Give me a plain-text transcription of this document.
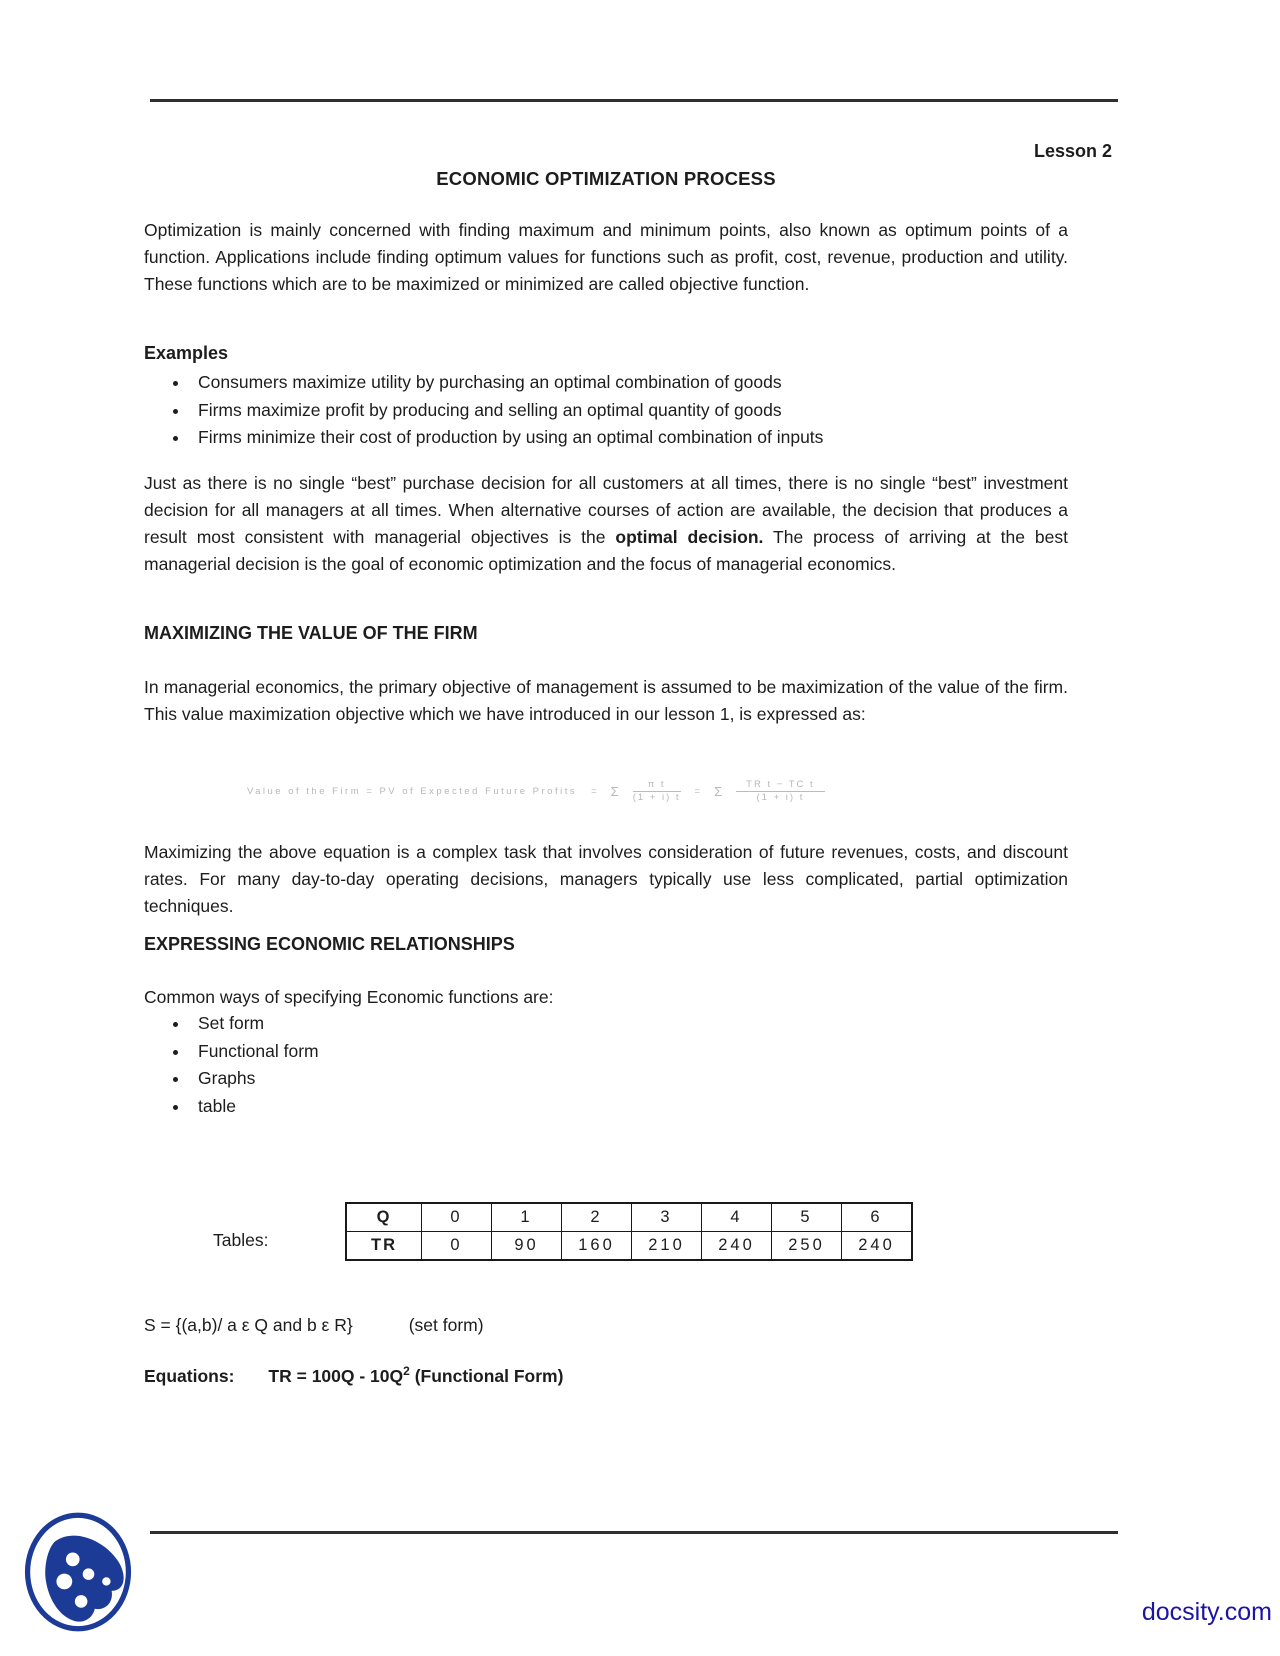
Lesson 2
ECONOMIC OPTIMIZATION PROCESS

Optimization is mainly concerned with finding maximum and minimum points, also known as optimum points of a function. Applications include finding optimum values for functions such as profit, cost, revenue, production and utility. These functions which are to be maximized or minimized are called objective function.

Examples
• Consumers maximize utility by purchasing an optimal combination of goods
• Firms maximize profit by producing and selling an optimal quantity of goods
• Firms minimize their cost of production by using an optimal combination of inputs

Just as there is no single “best” purchase decision for all customers at all times, there is no single “best” investment decision for all managers at all times. When alternative courses of action are available, the decision that produces a result most consistent with managerial objectives is the optimal decision. The process of arriving at the best managerial decision is the goal of economic optimization and the focus of managerial economics.

MAXIMIZING THE VALUE OF THE FIRM

In managerial economics, the primary objective of management is assumed to be maximization of the value of the firm. This value maximization objective which we have introduced in our lesson 1, is expressed as:

Value of the Firm = PV of Expected Future Profits = Σ $\frac{\text{π t}}{(1 + i) t} = \Sigma \frac{\text{TR t − TC t}}{(1 + i) t}$

Maximizing the above equation is a complex task that involves consideration of future revenues, costs, and discount rates. For many day-to-day operating decisions, managers typically use less complicated, partial optimization techniques.

EXPRESSING ECONOMIC RELATIONSHIPS

Common ways of specifying Economic functions are:

• Set form
• Functional form
• Graphs
• table
Tables:
Q	0	1	2	3	4	5	6
TR	0	90	160	210	240	250	240
S = {(a,b)/ a ε Q and b ε R}	(set form)
Equations: TR = $100Q - 10Q^2$ (Functional Form)
docsity.com
